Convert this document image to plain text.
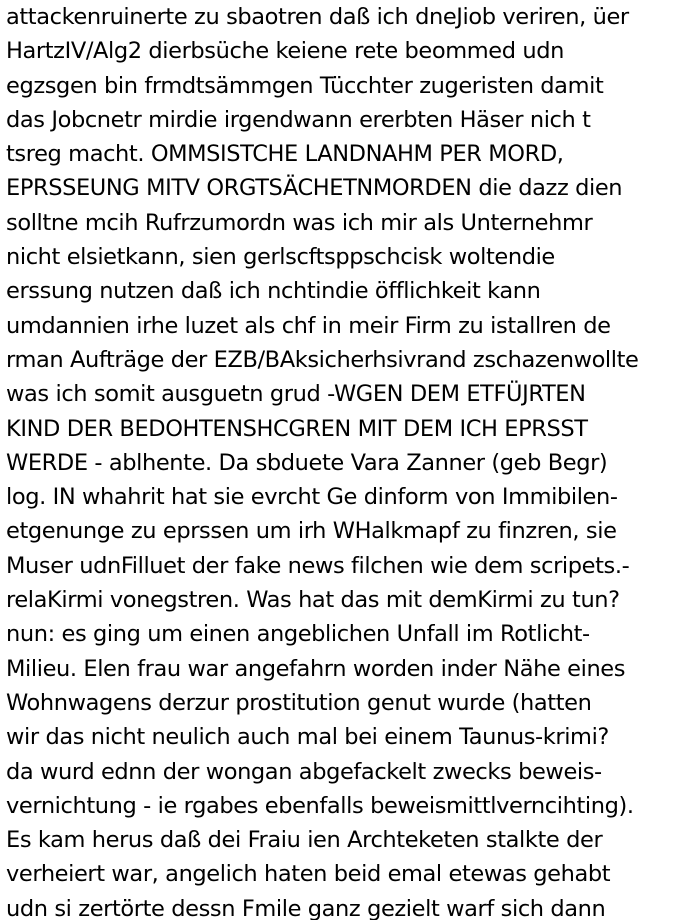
attackenruinerte zu sbaotren daß ich dneJiob veriren, üer
HartzIV/Alg2 dierbsüche keiene rete beommed udn
egzsgen bin frmdtsämmgen Tücchter zugeristen damit
das Jobcnetr mirdie irgendwann ererbten Häser nich t
tsreg macht. OMMSISTCHE LANDNAHM PER MORD,
EPRSSEUNG MITV ORGTSÄCHETNMORDEN die dazz dien
solltne mcih Rufrzumordn was ich mir als Unternehmr
nicht elsietkann, sien gerlscftsppschcisk woltendie
erssung nutzen daß ich nchtindie öfflichkeit kann
umdannien irhe luzet als chf in meir Firm zu istallren de
rman Aufträge der EZB/BAksicherhsivrand zschazenwollte
was ich somit ausguetn grud -WGEN DEM ETFÜJRTEN
KIND DER BEDOHTENSHCGREN MIT DEM ICH EPRSST
WERDE - ablhente. Da sbduete Vara Zanner (geb Begr)
log. IN whahrit hat sie evrcht Ge dinform von Immibilen-
etgenunge zu eprssen um irh WHalkmapf zu finzren, sie
Muser udnFilluet der fake news filchen wie dem scripets.-
relaKirmi vonegstren. Was hat das mit demKirmi zu tun?
nun: es ging um einen angeblichen Unfall im Rotlicht-
Milieu. Elen frau war angefahrn worden inder Nähe eines
Wohnwagens derzur prostitution genut wurde (hatten
wir das nicht neulich auch mal bei einem Taunus-krimi?
da wurd ednn der wongan abgefackelt zwecks beweis-
vernichtung - ie rgabes ebenfalls beweismittlverncihting).
Es kam herus daß dei Fraiu ien Archteketen stalkte der
verheiert war, angelich haten beid emal etewas gehabt
udn si zertörte dessn Fmile ganz gezielt warf sich dann
